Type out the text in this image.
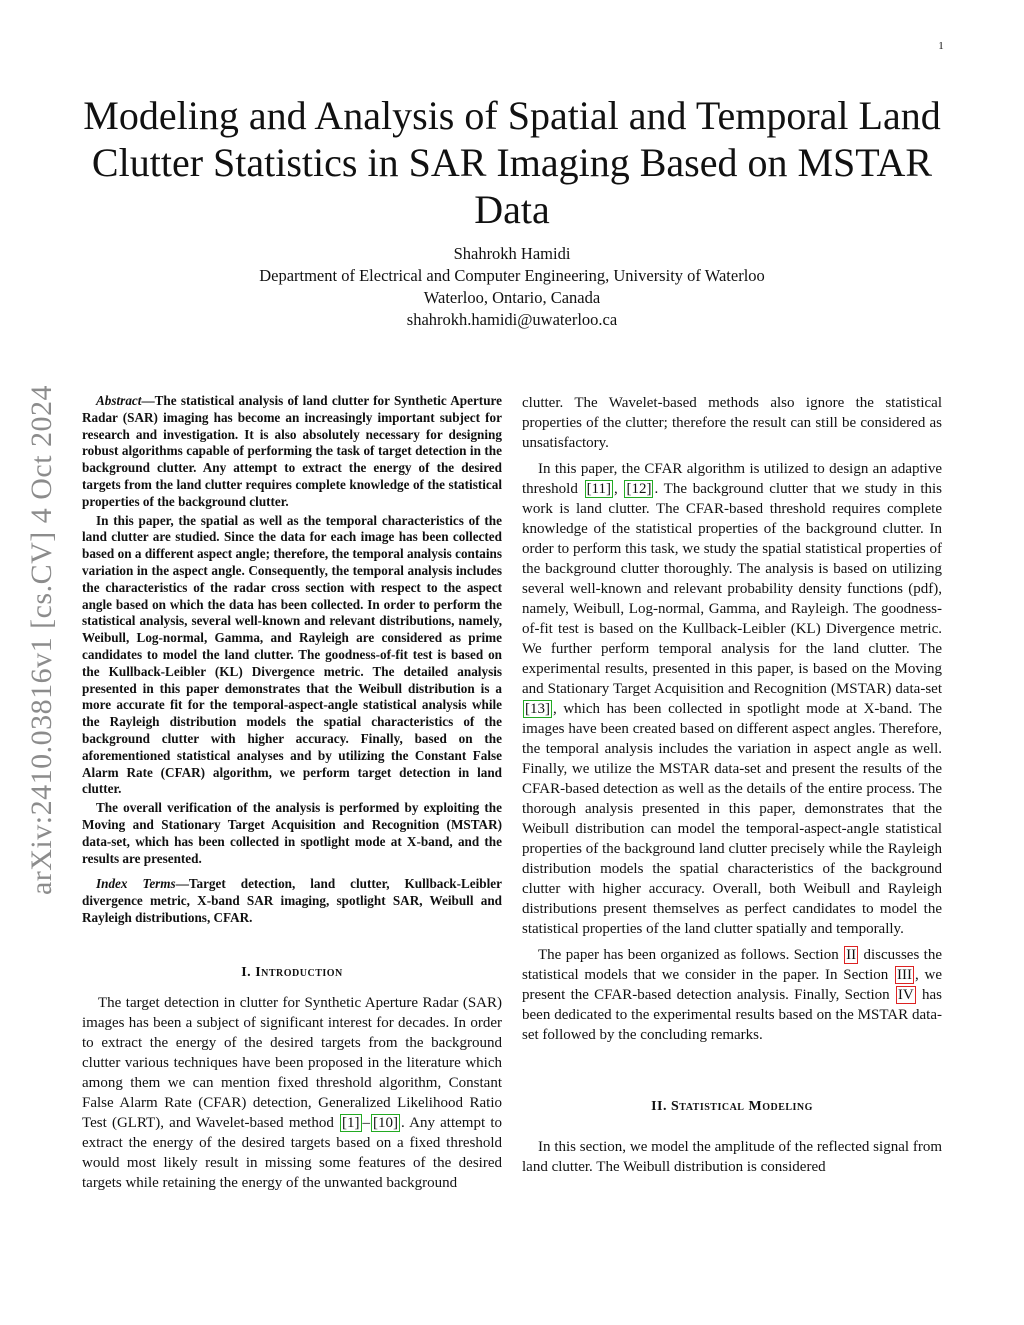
1
arXiv:2410.03816v1 [cs.CV] 4 Oct 2024
Modeling and Analysis of Spatial and Temporal Land Clutter Statistics in SAR Imaging Based on MSTAR Data
Shahrokh Hamidi
Department of Electrical and Computer Engineering, University of Waterloo
Waterloo, Ontario, Canada
shahrokh.hamidi@uwaterloo.ca

Abstract—The statistical analysis of land clutter for Synthetic Aperture Radar (SAR) imaging has become an increasingly important subject for research and investigation. It is also absolutely necessary for designing robust algorithms capable of performing the task of target detection in the background clutter. Any attempt to extract the energy of the desired targets from the land clutter requires complete knowledge of the statistical properties of the background clutter.

In this paper, the spatial as well as the temporal characteristics of the land clutter are studied. Since the data for each image has been collected based on a different aspect angle; therefore, the temporal analysis contains variation in the aspect angle. Consequently, the temporal analysis includes the characteristics of the radar cross section with respect to the aspect angle based on which the data has been collected. In order to perform the statistical analysis, several well-known and relevant distributions, namely, Weibull, Log-normal, Gamma, and Rayleigh are considered as prime candidates to model the land clutter. The goodness-of-fit test is based on the Kullback-Leibler (KL) Divergence metric. The detailed analysis presented in this paper demonstrates that the Weibull distribution is a more accurate fit for the temporal-aspect-angle statistical analysis while the Rayleigh distribution models the spatial characteristics of the background clutter with higher accuracy. Finally, based on the aforementioned statistical analyses and by utilizing the Constant False Alarm Rate (CFAR) algorithm, we perform target detection in land clutter.

The overall verification of the analysis is performed by exploiting the Moving and Stationary Target Acquisition and Recognition (MSTAR) data-set, which has been collected in spotlight mode at X-band, and the results are presented.

Index Terms—Target detection, land clutter, Kullback-Leibler divergence metric, X-band SAR imaging, spotlight SAR, Weibull and Rayleigh distributions, CFAR.

I. Introduction

The target detection in clutter for Synthetic Aperture Radar (SAR) images has been a subject of significant interest for decades. In order to extract the energy of the desired targets from the background clutter various techniques have been proposed in the literature which among them we can mention fixed threshold algorithm, Constant False Alarm Rate (CFAR) detection, Generalized Likelihood Ratio Test (GLRT), and Wavelet-based method [1] – [10] . Any attempt to extract the energy of the desired targets based on a fixed threshold would most likely result in missing some features of the desired targets while retaining the energy of the unwanted background

clutter. The Wavelet-based methods also ignore the statistical properties of the clutter; therefore the result can still be considered as unsatisfactory.

In this paper, the CFAR algorithm is utilized to design an adaptive threshold [11] , [12] . The background clutter that we study in this work is land clutter. The CFAR-based threshold requires complete knowledge of the statistical properties of the background clutter. In order to perform this task, we study the spatial statistical properties of the background clutter thoroughly. The analysis is based on utilizing several well-known and relevant probability density functions (pdf), namely, Weibull, Log-normal, Gamma, and Rayleigh. The goodness-of-fit test is based on the Kullback-Leibler (KL) Divergence metric. We further perform temporal analysis for the land clutter. The experimental results, presented in this paper, is based on the Moving and Stationary Target Acquisition and Recognition (MSTAR) data-set [13] , which has been collected in spotlight mode at X-band. The images have been created based on different aspect angles. Therefore, the temporal analysis includes the variation in aspect angle as well. Finally, we utilize the MSTAR data-set and present the results of the CFAR-based detection as well as the details of the entire process. The thorough analysis presented in this paper, demonstrates that the Weibull distribution can model the temporal-aspect-angle statistical properties of the background land clutter precisely while the Rayleigh distribution models the spatial characteristics of the background clutter with higher accuracy. Overall, both Weibull and Rayleigh distributions present themselves as perfect candidates to model the statistical properties of the land clutter spatially and temporally.

The paper has been organized as follows. Section II discusses the statistical models that we consider in the paper. In Section III , we present the CFAR-based detection analysis. Finally, Section IV has been dedicated to the experimental results based on the MSTAR data-set followed by the concluding remarks.

II. Statistical Modeling

In this section, we model the amplitude of the reflected signal from land clutter. The Weibull distribution is considered
